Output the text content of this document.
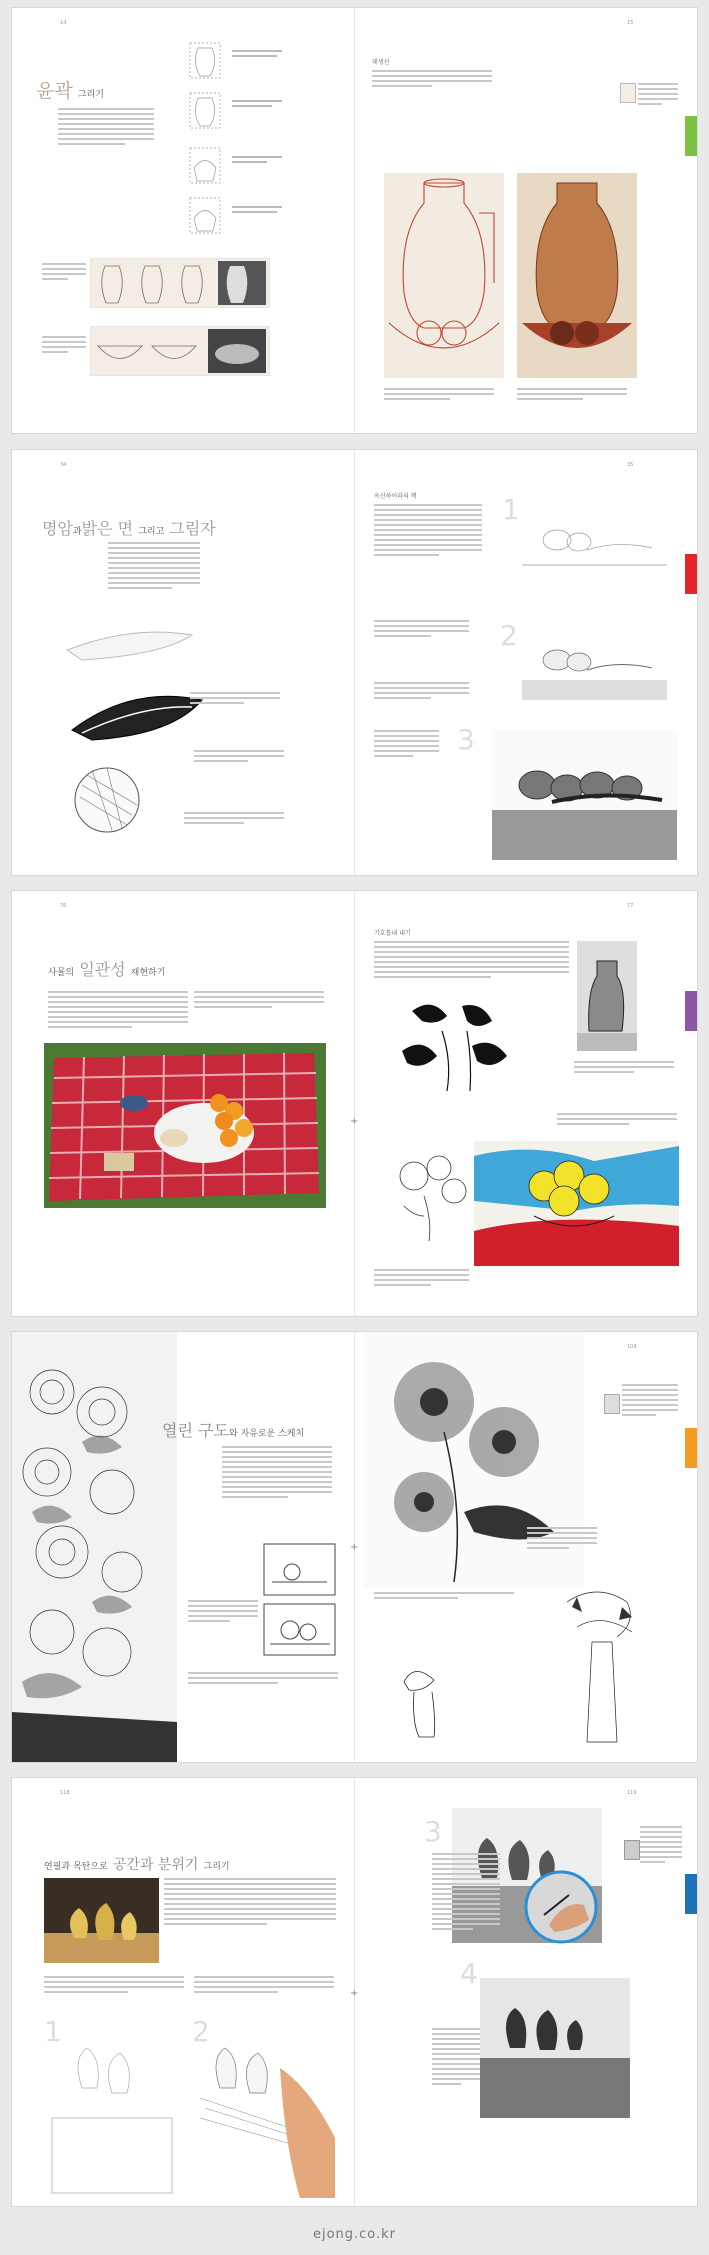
14	15
윤곽 그리기
데생선
34	35
명암과밝은 면 그리고 그림자
옥신하이라의 책	1
2
3
76	77
사물의 일관성 재현하기
기호를내 내기
+
109
열린 구도와 자유로운 스케치
+
118	119
연필과 목탄으로 공간과 분위기 그리기
1	2
3
4
+
ejong.co.kr
